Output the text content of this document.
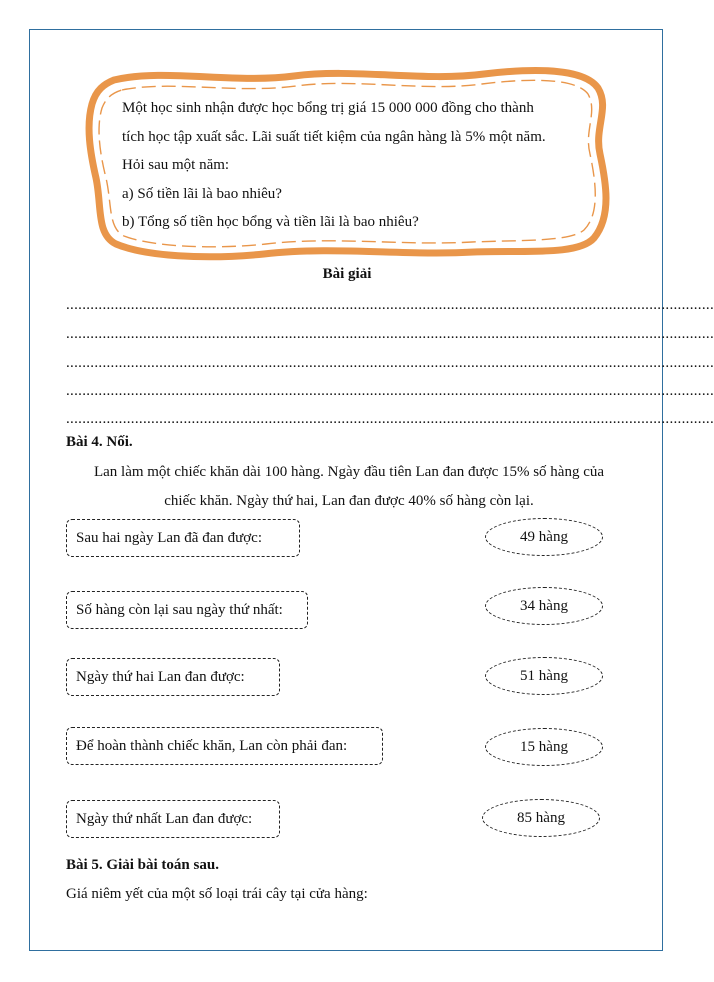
Một học sinh nhận được học bổng trị giá 15 000 000 đồng cho thành
tích học tập xuất sắc. Lãi suất tiết kiệm của ngân hàng là 5% một năm.
Hỏi sau một năm:
a) Số tiền lãi là bao nhiêu?
b) Tổng số tiền học bổng và tiền lãi là bao nhiêu?
Bài giải
................................................................................................................................................................
................................................................................................................................................................
................................................................................................................................................................
................................................................................................................................................................
................................................................................................................................................................
Bài 4. Nối.
Lan làm một chiếc khăn dài 100 hàng. Ngày đầu tiên Lan đan được 15% số hàng của
chiếc khăn. Ngày thứ hai, Lan đan được 40% số hàng còn lại.
Sau hai ngày Lan đã đan được:
Số hàng còn lại sau ngày thứ nhất:
Ngày thứ hai Lan đan được:
Để hoàn thành chiếc khăn, Lan còn phải đan:
Ngày thứ nhất Lan đan được:
49 hàng
34 hàng
51 hàng
15 hàng
85 hàng
Bài 5. Giải bài toán sau.
Giá niêm yết của một số loại trái cây tại cửa hàng:
